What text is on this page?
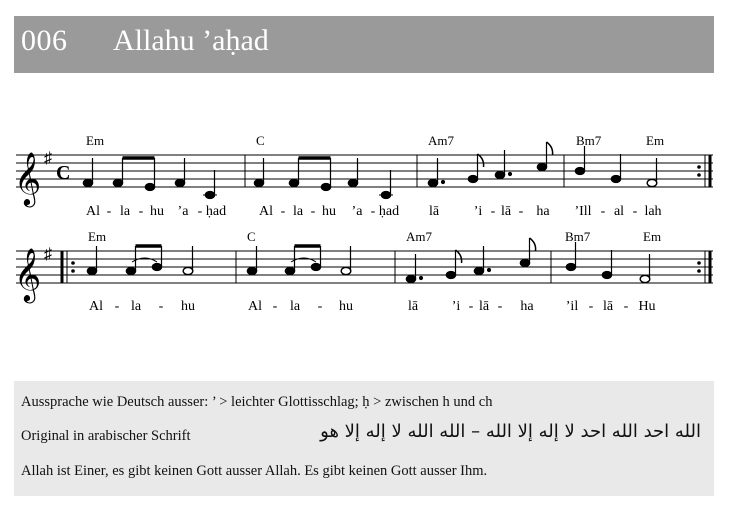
006 Allahu ’aḥad
𝄞 ♯
C
Em	C	Am7	Bm7	Em
Al - la - hu ’a - ḥad Al - la - hu ’a - ḥad lā ’i - lā - ha ’Ill - al - lah
𝄞 ♯
Em	C	Am7	Bm7	Em
Al - la - hu	Al - la - hu	lā ’i - lā - ha ’il - lā - Hu
Aussprache wie Deutsch ausser: ’ > leichter Glottisschlag; ḥ > zwischen h und ch
Original in arabischer Schrift	الله احد الله احد لا إله إلا الله – الله الله لا إله إلا هو
Allah ist Einer, es gibt keinen Gott ausser Allah. Es gibt keinen Gott ausser Ihm.
